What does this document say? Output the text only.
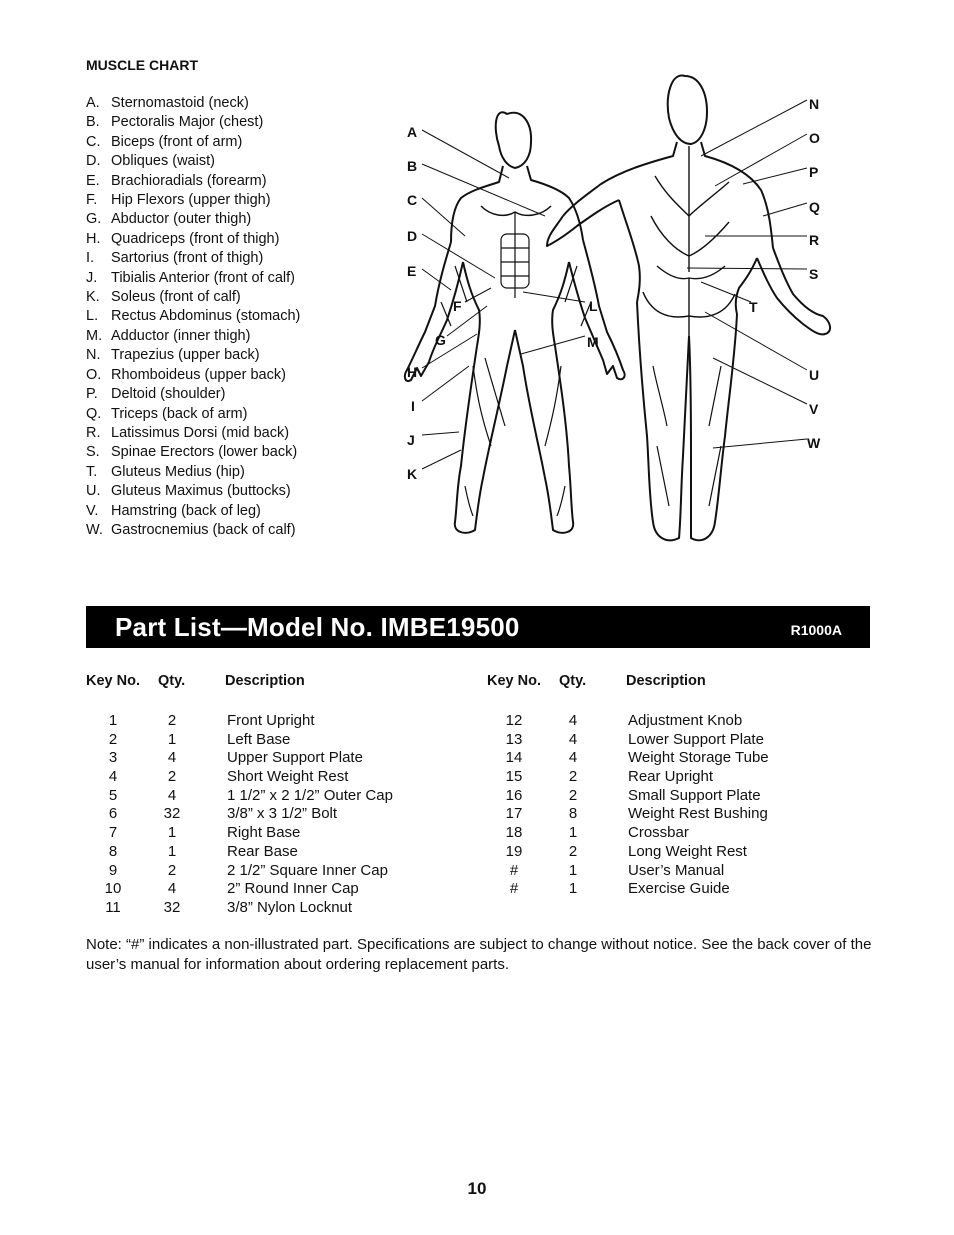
MUSCLE CHART
A. Sternomastoid (neck)
B. Pectoralis Major (chest)
C. Biceps (front of arm)
D. Obliques (waist)
E. Brachioradials (forearm)
F. Hip Flexors (upper thigh)
G. Abductor (outer thigh)
H. Quadriceps (front of thigh)
I.	Sartorius (front of thigh)
J. Tibialis Anterior (front of calf)
K. Soleus (front of calf)
L. Rectus Abdominus (stomach)
M. Adductor (inner thigh)
N. Trapezius (upper back)
O. Rhomboideus (upper back)
P. Deltoid (shoulder)
Q. Triceps (back of arm)
R. Latissimus Dorsi (mid back)
S. Spinae Erectors (lower back)
T. Gluteus Medius (hip)
U. Gluteus Maximus (buttocks)
V. Hamstring (back of leg)
W. Gastrocnemius (back of calf)
A
B
C
D
E
F
G
H
I
J
K
L
M
N
O
P
Q
R
S
T
U
V
W
Part List—Model No. IMBE19500	R1000A
Key No. Qty.	Description	Key No. Qty.	Description
1	2	Front Upright
2	1	Left Base
3	4	Upper Support Plate
4	2	Short Weight Rest
5	4	1 1/2” x 2 1/2” Outer Cap
6	32	3/8” x 3 1/2” Bolt
7	1	Right Base
8	1	Rear Base
9	2	2 1/2” Square Inner Cap
10	4	2” Round Inner Cap
11	32	3/8” Nylon Locknut
12	4	Adjustment Knob
13	4	Lower Support Plate
14	4	Weight Storage Tube
15	2	Rear Upright
16	2	Small Support Plate
17	8	Weight Rest Bushing
18	1	Crossbar
19	2	Long Weight Rest
#	1	User’s Manual
#	1	Exercise Guide
Note: “#” indicates a non-illustrated part. Specifications are subject to change without notice. See the back cover of the user’s manual for information about ordering replacement parts.
10
